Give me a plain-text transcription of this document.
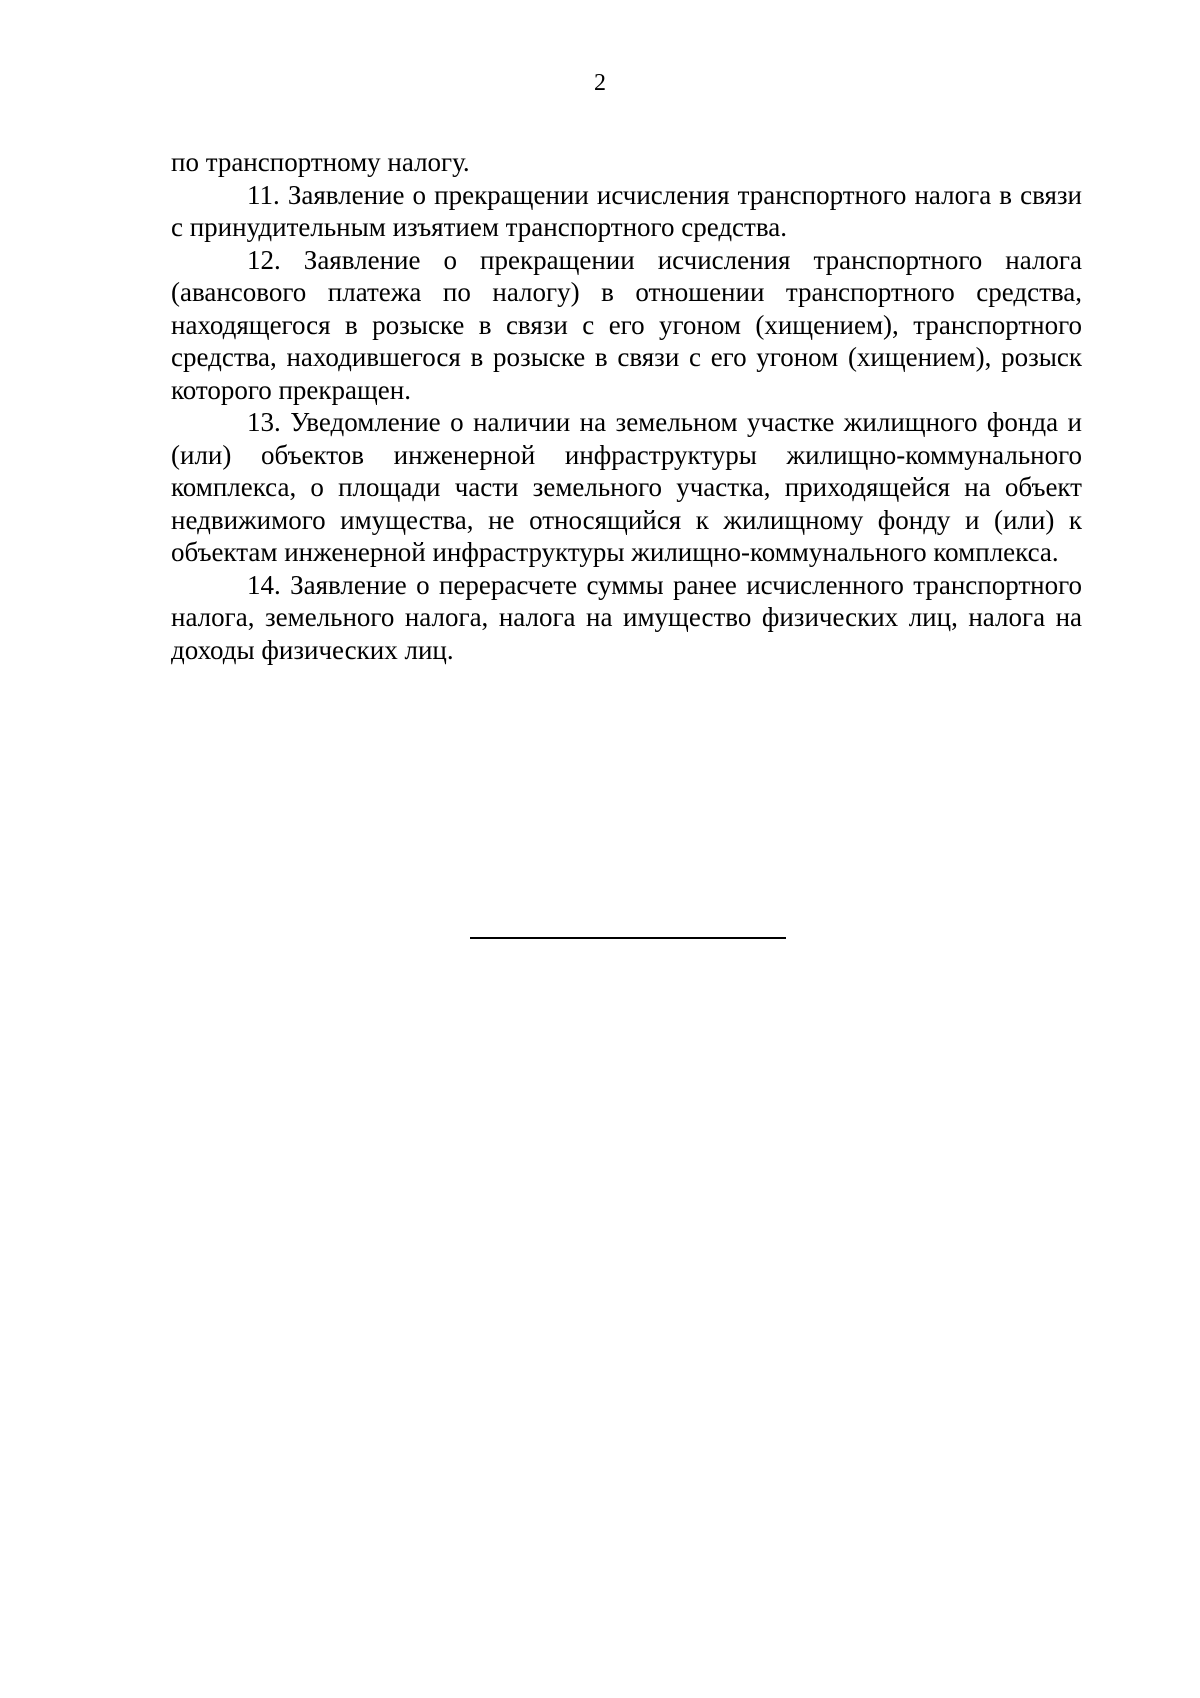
2

по транспортному налогу.

11. Заявление о прекращении исчисления транспортного налога в связи с принудительным изъятием транспортного средства.

12. Заявление о прекращении исчисления транспортного налога (авансового платежа по налогу) в отношении транспортного средства, находящегося в розыске в связи с его угоном (хищением), транспортного средства, находившегося в розыске в связи с его угоном (хищением), розыск которого прекращен.

13. Уведомление о наличии на земельном участке жилищного фонда и (или) объектов инженерной инфраструктуры жилищно-коммунального комплекса, о площади части земельного участка, приходящейся на объект недвижимого имущества, не относящийся к жилищному фонду и (или) к объектам инженерной инфраструктуры жилищно-коммунального комплекса.

14. Заявление о перерасчете суммы ранее исчисленного транспортного налога, земельного налога, налога на имущество физических лиц, налога на доходы физических лиц.
